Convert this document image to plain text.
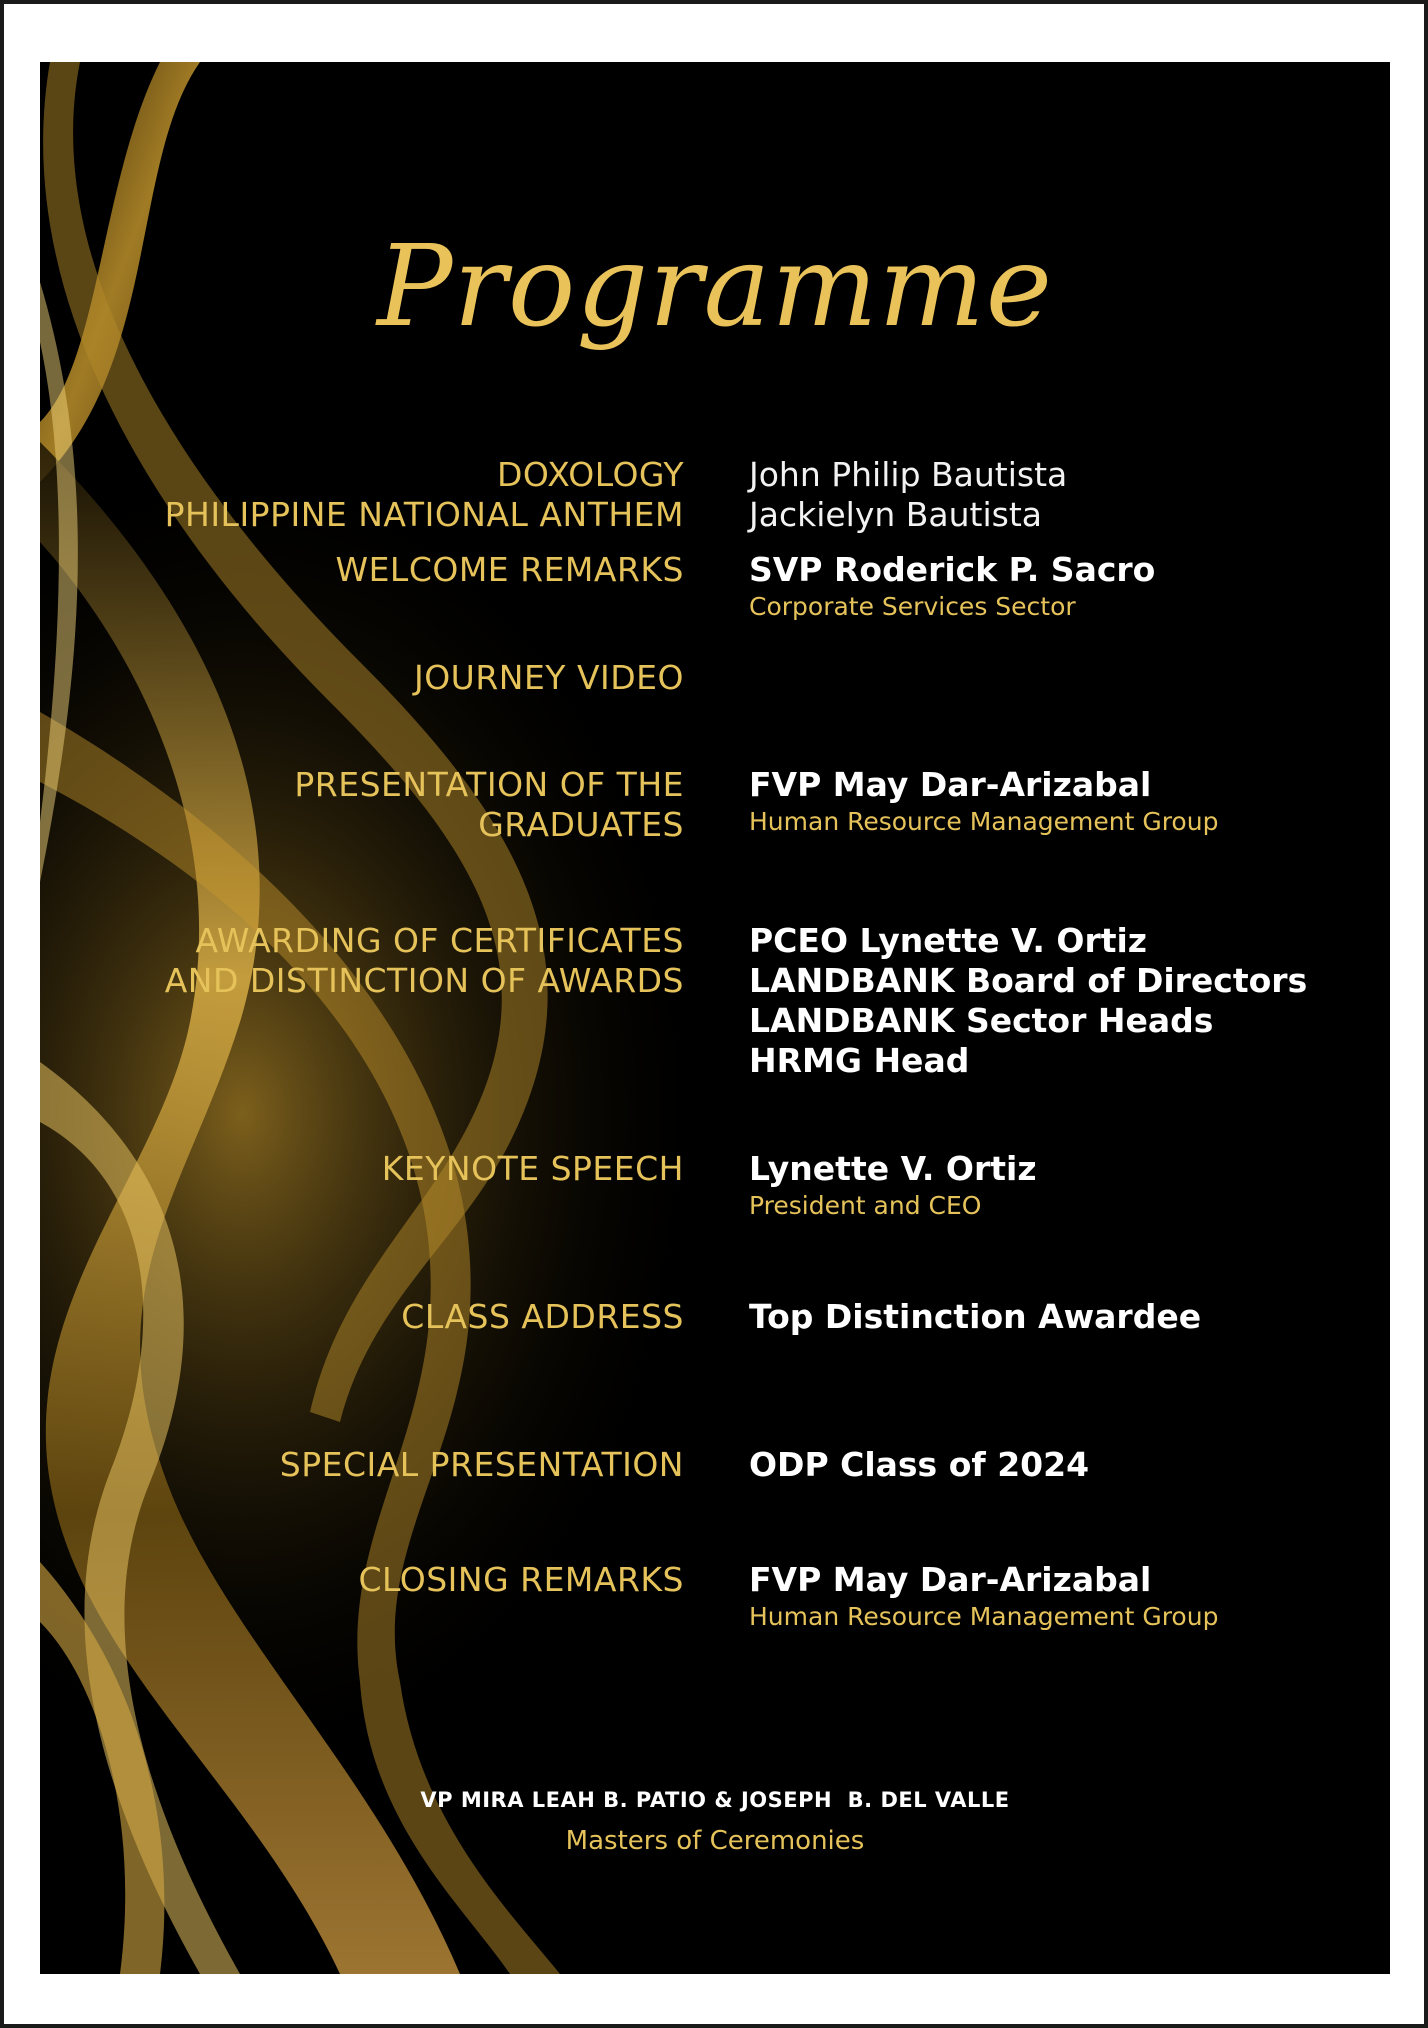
Programme
DOXOLOGY
PHILIPPINE NATIONAL ANTHEM
John Philip Bautista
Jackielyn Bautista
WELCOME REMARKS SVP Roderick P. Sacro
Corporate Services Sector
JOURNEY VIDEO
PRESENTATION OF THE
GRADUATES
FVP May Dar-Arizabal
Human Resource Management Group
AWARDING OF CERTIFICATES
AND DISTINCTION OF AWARDS
PCEO Lynette V. Ortiz
LANDBANK Board of Directors
LANDBANK Sector Heads
HRMG Head
KEYNOTE SPEECH Lynette V. Ortiz
President and CEO
CLASS ADDRESS Top Distinction Awardee
SPECIAL PRESENTATION ODP Class of 2024
CLOSING REMARKS FVP May Dar-Arizabal
Human Resource Management Group
VP MIRA LEAH B. PATIO & JOSEPH  B. DEL VALLE
Masters of Ceremonies
